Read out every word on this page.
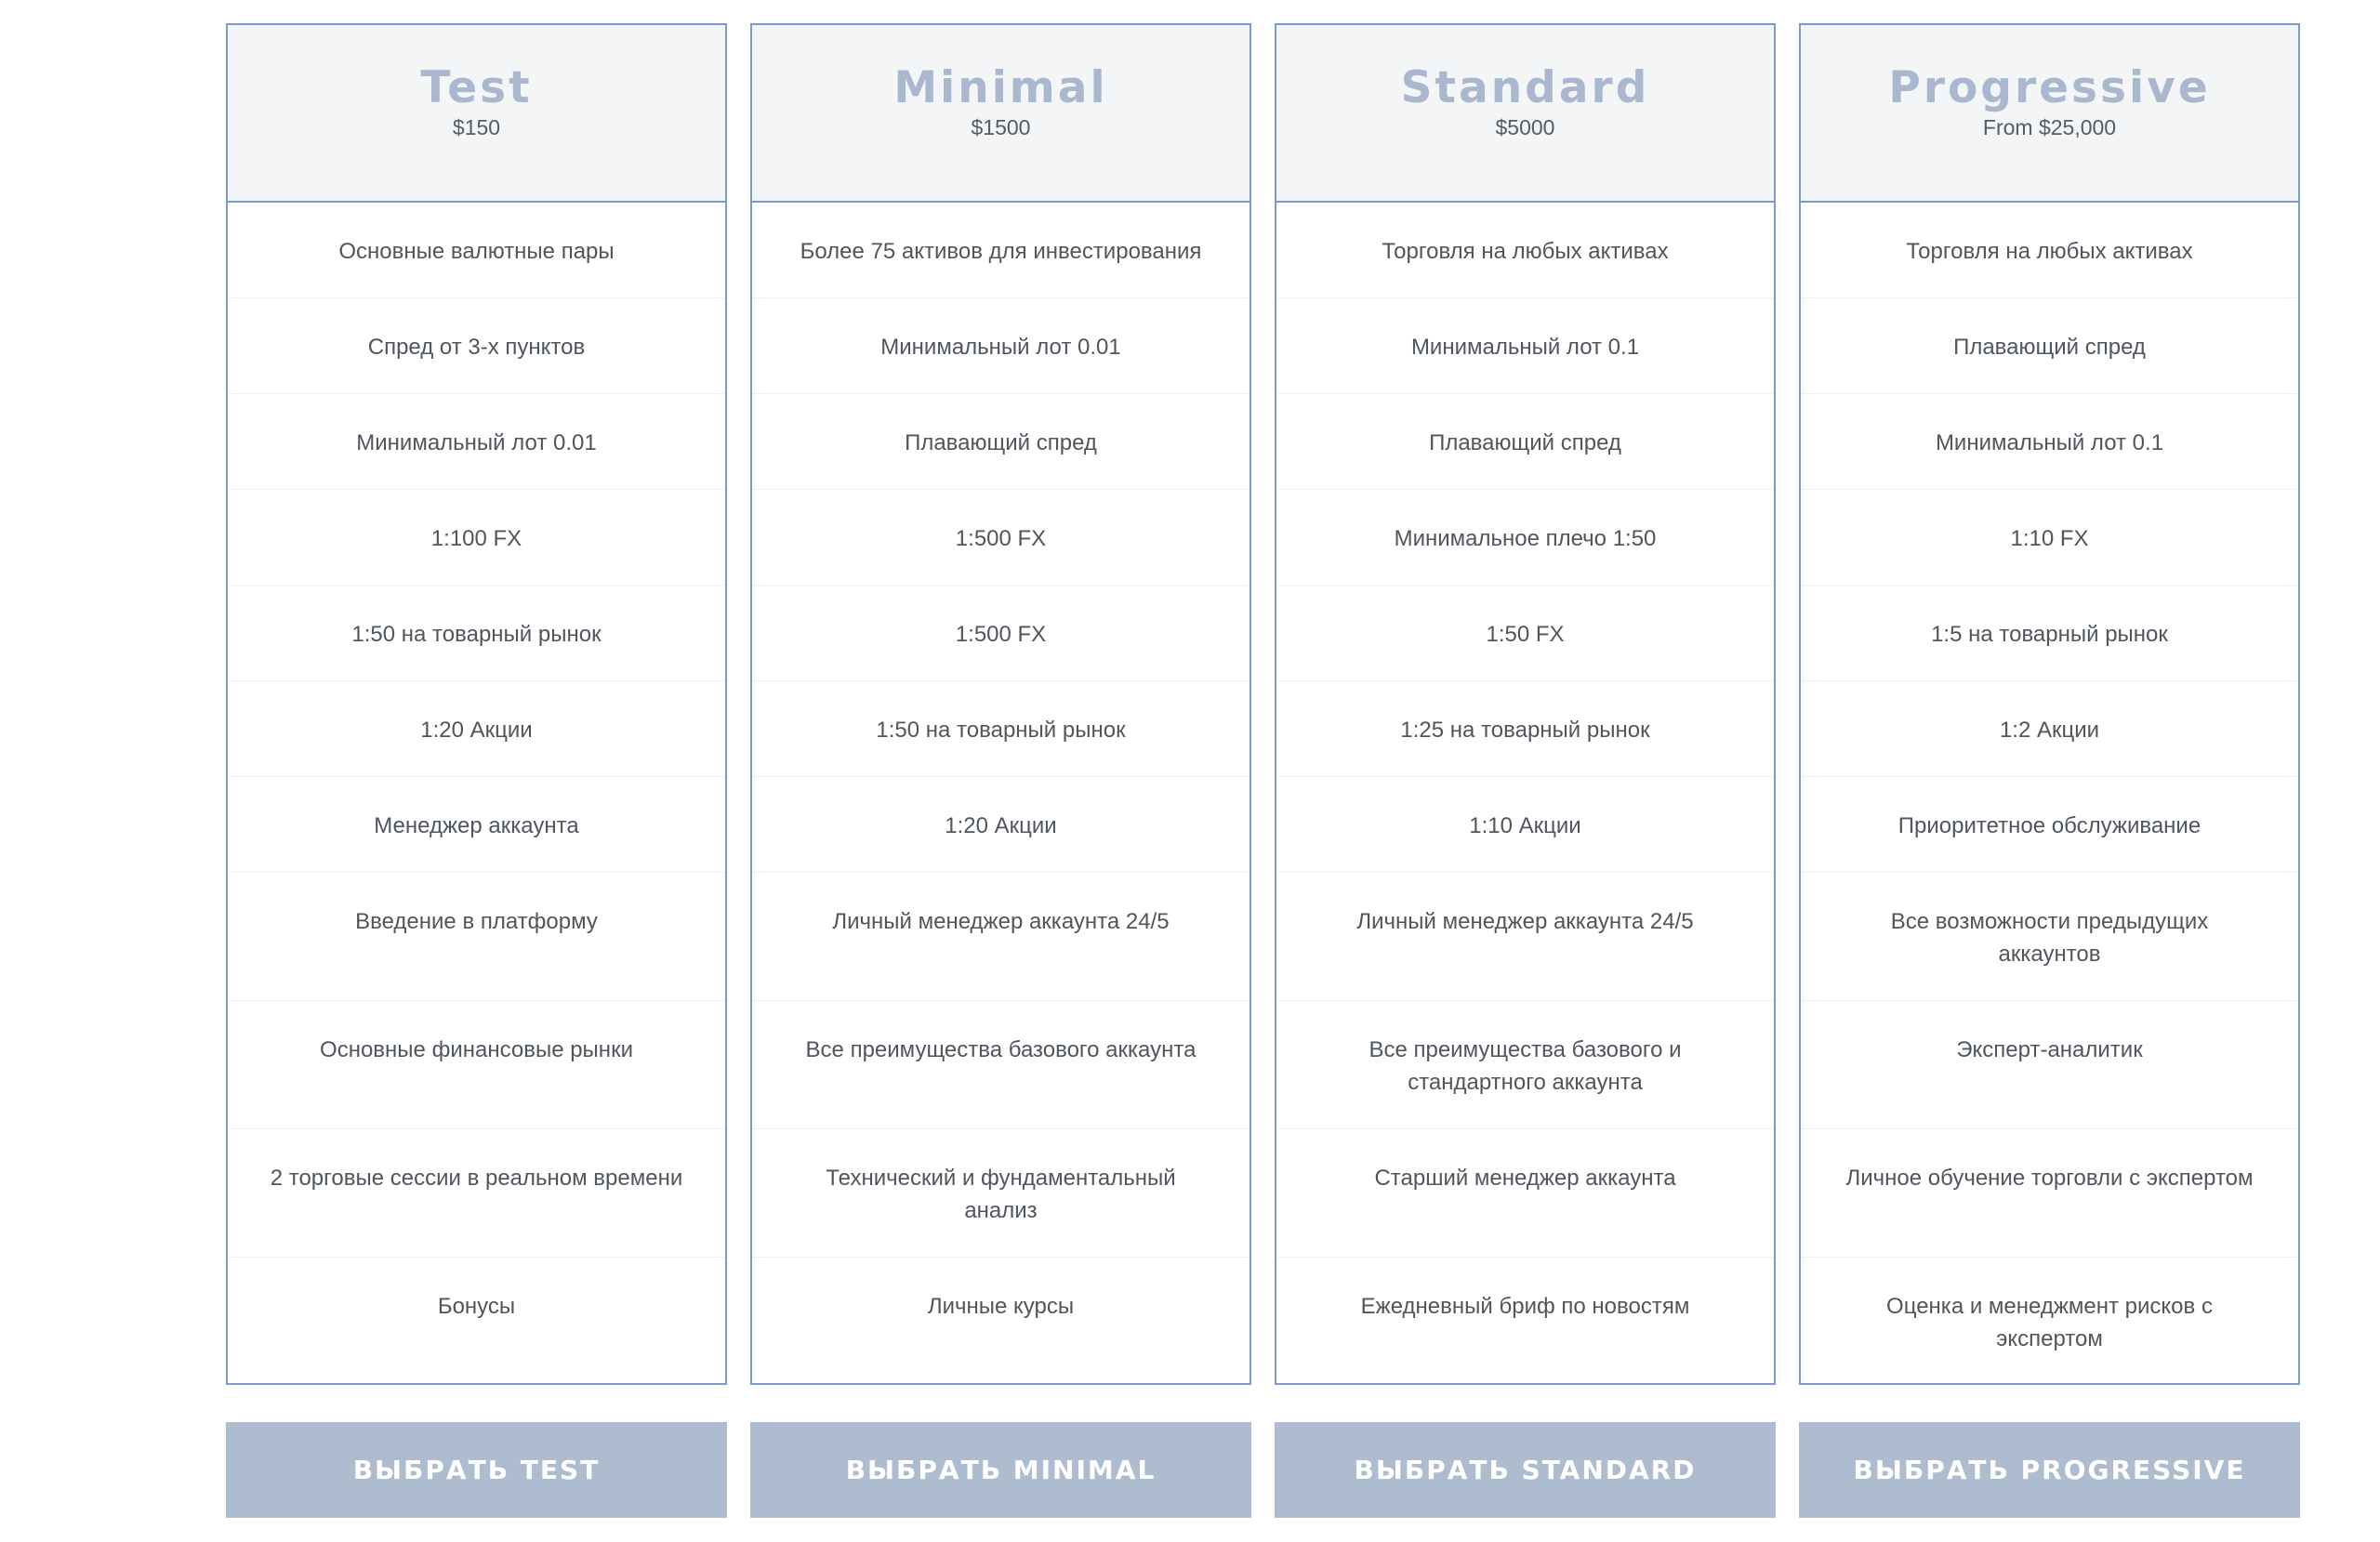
Test
$150
Основные валютные пары
Спред от 3-х пунктов
Минимальный лот 0.01
1:100 FX
1:50 на товарный рынок
1:20 Акции
Менеджер аккаунта
Введение в платформу
Основные финансовые рынки
2 торговые сессии в реальном времени
Бонусы
ВЫБРАТЬ TEST
Minimal
$1500
Более 75 активов для инвестирования
Минимальный лот 0.01
Плавающий спред
1:500 FX
1:500 FX
1:50 на товарный рынок
1:20 Акции
Личный менеджер аккаунта 24/5
Все преимущества базового аккаунта
Технический и фундаментальный анализ
Личные курсы
ВЫБРАТЬ MINIMAL
Standard
$5000
Торговля на любых активах
Минимальный лот 0.1
Плавающий спред
Минимальное плечо 1:50
1:50 FX
1:25 на товарный рынок
1:10 Акции
Личный менеджер аккаунта 24/5
Все преимущества базового и стандартного аккаунта
Старший менеджер аккаунта
Ежедневный бриф по новостям
ВЫБРАТЬ STANDARD
Progressive
From $25,000
Торговля на любых активах
Плавающий спред
Минимальный лот 0.1
1:10 FX
1:5 на товарный рынок
1:2 Акции
Приоритетное обслуживание
Все возможности предыдущих аккаунтов
Эксперт-аналитик
Личное обучение торговли с экспертом
Оценка и менеджмент рисков с экспертом
ВЫБРАТЬ PROGRESSIVE
